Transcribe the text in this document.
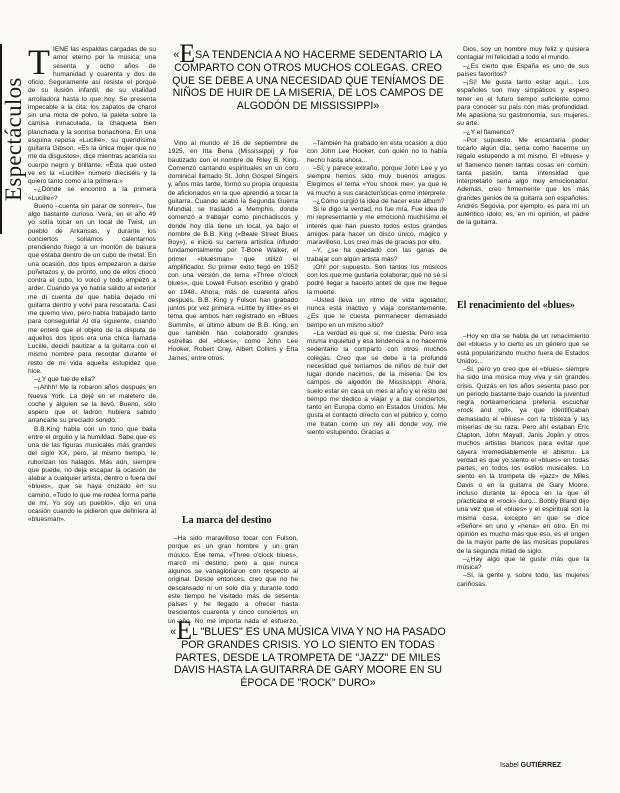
Espectáculos

TIENE las espaldas cargadas de su amor eterno por la música; una sesenta y ocho años de humanidad y cuarenta y dos de oficio. Seguramente así resiste el porqué de su ilusión infantil, de su vitalidad arrolladora hasta lo que hoy. Se presenta impecable a la cita: los zapatos de charol sin una mota de polvo, la paleta sobre la camisa inmaculada, la chaqueta bien planchada y la sonrisa bonachona. En una esquina reposa «Lucille», su queridísima guitarra Gibson. «Es la única mujer que no me da disgustos», dice mientras acaricia su cuerpo negro y brillante. «Ésta que usted ve es la «Lucille» número dieciséis y la quiero tanto como a la primera.»

–¿Dónde se encontró a la primera «Lucille»?

Bueno –cuenta sin parar de sonreír–, fue algo bastante curioso. Verá, en el año 49 yo solía tocar en un local de Twist, un pueblo de Arkansas, y durante los conciertos solíamos calentarnos prendiendo fuego a un montón de basura que estaba dentro de un cubo de metal. En una ocasión, dos tipos empezaron a darse puñetazos y, de pronto, uno de ellos chocó contra el cubo, lo volcó y todo empezó a arder. Cuando ya yo había salido al exterior me di cuenta de que había dejado mi guitarra dentro y volví para rescatarla. Casi me quemo vivo, pero había trabajado tanto para conseguirla! Al día siguiente, cuando me enteré que el objeto de la disputa de aquellos dos tipos era una chica llamada Lucille, decidí bautizar a la guitarra con el mismo nombre para recordar durante el resto de mi vida aquella estupidez que hice.

–¿Y que fue de ella?

–¡Ahhh! Me la robaron años después en Nueva York. La dejé en el maletero de coche y alguien se la llevó. Bueno, sólo espero que el ladrón hubiera sabido arrancarle su preciado sonido.

B.B.King habla con un tono que baila entre el orgullo y la humildad. Sabe que es una de las figuras musicales más grandes del siglo XX, pero, al mismo tiempo, le ruborizan los halagos. Más aún, siempre que puede, no deja escapar la ocasión de alabar a cualquier artista, dentro o fuera del «blues», que se haya cruzado en su camino. «Todo lo que me rodea forma parte de mí. Yo soy un pueblo», dijo en una ocasión cuando le pidieron que definiera al «bluesman».

«ESA TENDENCIA A NO HACERME SEDENTARIO LA COMPARTO CON OTROS MUCHOS COLEGAS. CREO QUE SE DEBE A UNA NECESIDAD QUE TENÍAMOS DE NIÑOS DE HUIR DE LA MISERIA, DE LOS CAMPOS DE ALGODÓN DE MISSISSIPPI»

Vino al mundo el 16 de septiembre de 1925, en Itta Bena (Mississippi) y fue bautizado con el nombre de Riley B. King. Comenzó cantando espirituales en un coro dominical llamado St. John Gospel Singers y, años más tarde, formó su propia orquesta de aficionados en la que aprendió a tocar la guitarra. Cuando acabó la Segunda Guerra Mundial, se trasladó a Memphis, donde comenzó a trabajar como pinchadiscos y donde hoy día tiene un local, ya bajo el nombre de B.B. King («Beale Street Blues Boy»), e inició su carrera artística influido fundamentalmente por T-Bone Walker, el primer «bluesman» que utilizó el amplificador. Su primer éxito llegó en 1952 con una versión de tema «Three o'clock blues», que Lowell Fulson escribió y grabó en 1948. Ahora, más de cuarenta años después, B.B. King y Fulson han grabado juntos por vez primera. «Little by little» es el tema que ambos han registrado en «Blues Summit», el último álbum de B.B. King, en que también han colaborado grandes estrellas del «blues», como John Lee Hooker, Robert Cray, Albert Collins y Etta James, entre otros.

La marca del destino

–Ha sido maravilloso tocar con Fulson, porque es un gran hombre y un gran músico. Ese tema, «Three o'clock blues», marcó mi destino, pero a que nunca algunos se vanagloriaron con respecto al original. Desde entonces, creo que no he descansado ni un solo día y durante todo este tiempo he visitado más de sesenta países y he llegado a ofrecer hasta trescientos cuarenta y cinco conciertos en un año. No me importa nada el esfuerzo,

–También ha grabado en esta ocasión a dúo con John Lee Hooker, con quien no lo había hecho hasta ahora...

–Sí, y parece extraño, porque John Lee y yo siempre hemos sido muy buenos amigos. Elegimos el tema «You shook me», ya que le va mucho a sus características como intérprete.

–¿Cómo surgió la idea de hacer este álbum?

Si le digo la verdad, no fue mía. Fue idea de mi representante y me emocionó muchísimo el interés que han puesto todos estos grandes amigos para hacer un disco único, mágico y maravilloso. Los creo más de gracias por ello.

–Y, ¿se ha quedado con las ganas de trabajar con algún artista más?

¡Oh! por supuesto. Son tantos los músicos con los que me gustaría colaborar, que no sé si podré llegar a hacerlo antes de que me llegue la muerte.

–Usted lleva un ritmo de vida agotador, nunca está inactivo y viaja constantemente. ¿Es que le cuesta permanecer demasiado tiempo en un mismo sitio?

–La verdad es que sí, me cuesta. Pero esa misma inquietud y esa tendencia a no hacerme sedentario la comparto con otros muchos colegas. Creo que se debe a la profunda necesidad que teníamos de niños de huir del lugar donde nacimos, de la miseria. De los campos de algodón de Mississippi. Ahora, suelo estar en casa un mes al año y el resto del tiempo me dedico a viajar y a dar conciertos, tanto en Europa como en Estados Unidos. Me gusta el contacto directo con el público y, como me tratan como un rey allí donde voy, me siento estupendo. Gracias a

Dios, soy un hombre muy feliz y quisiera contagiar mi felicidad a todo el mundo.

–¿Es cierto que España es uno de sus países favoritos?

–¡Sí! Me gusta tanto estar aquí... Los españoles son muy simpáticos y espero tener en el futuro tiempo suficiente como para conocer su país con más profundidad. Me apasiona su gastronomía, sus mujeres, su arte.

–¿Y el flamenco?

–Por supuesto. Me encantaría poder tocarlo algún día, sería como hacerme un regalo estupendo a mí mismo. El «blues» y el flamenco tienen tantas cosas en común, tanta pasión, tanta intensidad que interpretarlo sería algo muy emocionador. Además, creo firmemente que los más grandes genios de la guitarra son españoles. Andrés Segovia, por ejemplo, es para mí un auténtico ídolo; es, en mi opinión, el padre de la guitarra.

El renacimiento del «blues»

–Hoy en día se habla de un renacimiento del «blues» y lo cierto es un género que se está popularizando mucho fuera de Estados Unidos...

–Sí, pero yo creo que el «blues» siempre ha sido una música muy viva y sin grandes crisis. Quizás en los años sesenta paso por un periodo bastante bajo cuando la juventud negra norteamericana prefería escuchar «rock and roll», ya que identificaban demasiado el «blues» con la tristeza y las miserias de su raza. Pero ahí estaban Eric Clapton, John Mayall, Janis Joplin y otros muchos artistas blancos para evitar que cayera irremediablemente el abismo. La verdad es que yo siento el «blues» en todas partes, en todos los estilos musicales. Lo siento en la trompeta de «jazz» de Miles Davis o en la guitarra de Gary Moore, incluso durante la época en la que él practicaba el «rock» duro... Bobby Bland dijo una vez que el «blues» y el espiritual son la misma cosa, excepto en que se dice «Señor» en uno y «nena» en otro. En mi opinión es mucho más que eso, es el origen de la mayor parte de las músicas populares de la segunda mitad de siglo.

–¿Hay algo que le guste más que la música?

–Sí, la gente y, sobre todo, las mujeres cariñosas.

«EL "BLUES" ES UNA MÚSICA VIVA Y NO HA PASADO POR GRANDES CRISIS. YO LO SIENTO EN TODAS PARTES, DESDE LA TROMPETA DE "JAZZ" DE MILES DAVIS HASTA LA GUITARRA DE GARY MOORE EN SU ÉPOCA DE "ROCK" DURO»
Isabel GUTIÉRREZ
